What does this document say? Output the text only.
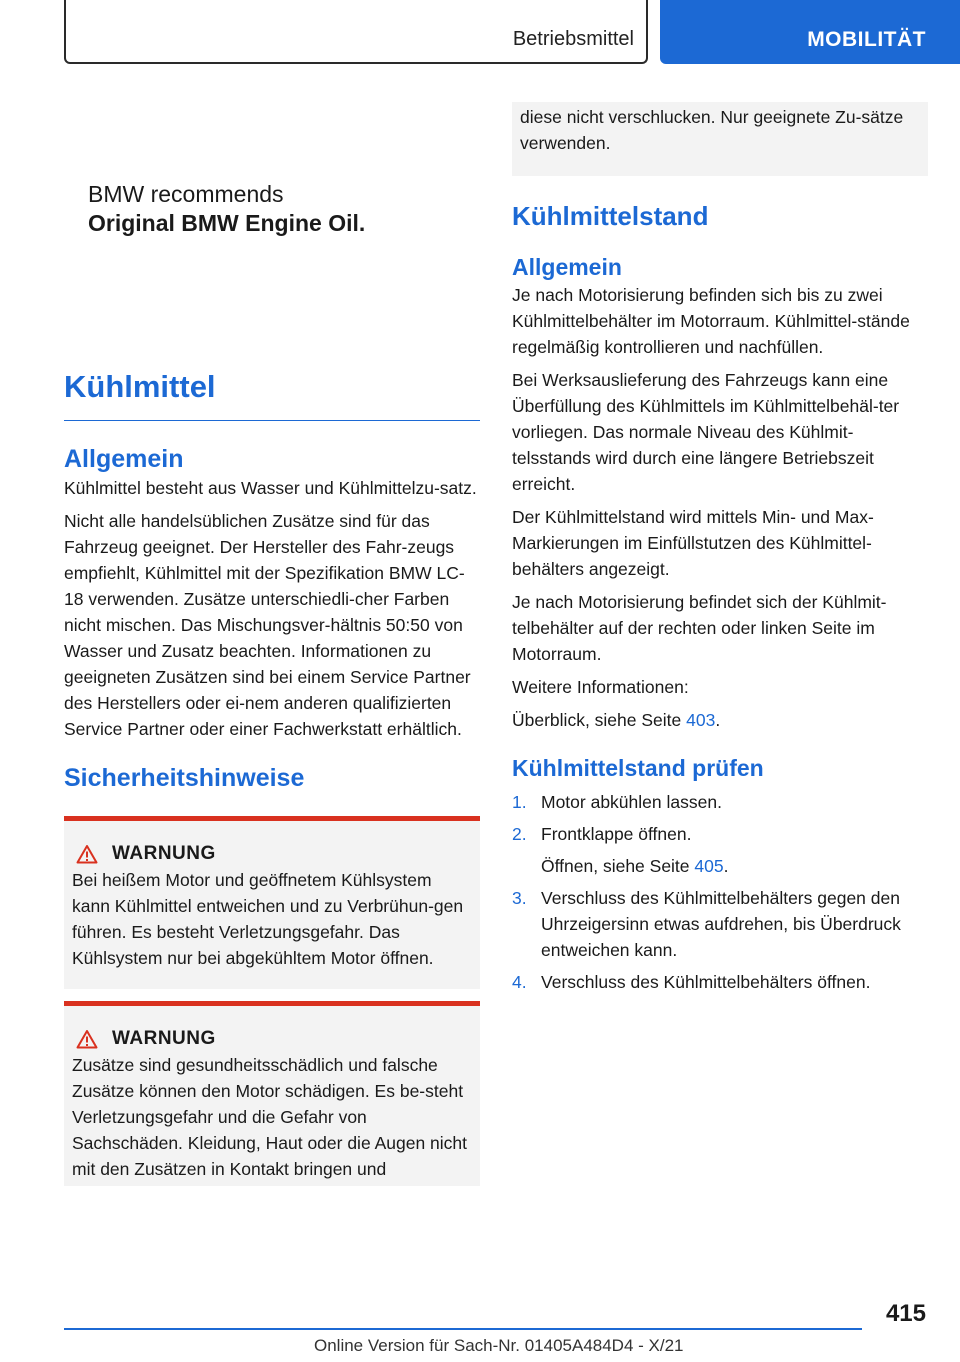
Betriebsmittel	MOBILITÄT
BMW recommends
Original BMW Engine Oil.
Kühlmittel
Allgemein

Kühlmittel besteht aus Wasser und Kühlmittelzu-satz.

Nicht alle handelsüblichen Zusätze sind für das Fahrzeug geeignet. Der Hersteller des Fahr-zeugs empfiehlt, Kühlmittel mit der Spezifikation BMW LC-18 verwenden. Zusätze unterschiedli-cher Farben nicht mischen. Das Mischungsver-hältnis 50:50 von Wasser und Zusatz beachten. Informationen zu geeigneten Zusätzen sind bei einem Service Partner des Herstellers oder ei-nem anderen qualifizierten Service Partner oder einer Fachwerkstatt erhältlich.

Sicherheitshinweise
WARNUNG

Bei heißem Motor und geöffnetem Kühlsystem kann Kühlmittel entweichen und zu Verbrühun-gen führen. Es besteht Verletzungsgefahr. Das Kühlsystem nur bei abgekühltem Motor öffnen.

WARNUNG

Zusätze sind gesundheitsschädlich und falsche Zusätze können den Motor schädigen. Es be-steht Verletzungsgefahr und die Gefahr von Sachschäden. Kleidung, Haut oder die Augen nicht mit den Zusätzen in Kontakt bringen und

diese nicht verschlucken. Nur geeignete Zu-sätze verwenden.

Kühlmittelstand
Allgemein

Je nach Motorisierung befinden sich bis zu zwei Kühlmittelbehälter im Motorraum. Kühlmittel-stände regelmäßig kontrollieren und nachfüllen.

Bei Werksauslieferung des Fahrzeugs kann eine Überfüllung des Kühlmittels im Kühlmittelbehäl-ter vorliegen. Das normale Niveau des Kühlmit-telsstands wird durch eine längere Betriebszeit erreicht.

Der Kühlmittelstand wird mittels Min- und Max-Markierungen im Einfüllstutzen des Kühlmittel-behälters angezeigt.

Je nach Motorisierung befindet sich der Kühlmit-telbehälter auf der rechten oder linken Seite im Motorraum.

Weitere Informationen:

Überblick, siehe Seite 403.

Kühlmittelstand prüfen
1. Motor abkühlen lassen.
2. Frontklappe öffnen.
Öffnen, siehe Seite 405.
3. Verschluss des Kühlmittelbehälters gegen den Uhrzeigersinn etwas aufdrehen, bis Überdruck entweichen kann.
4. Verschluss des Kühlmittelbehälters öffnen.
415
Online Version für Sach-Nr. 01405A484D4 - X/21
